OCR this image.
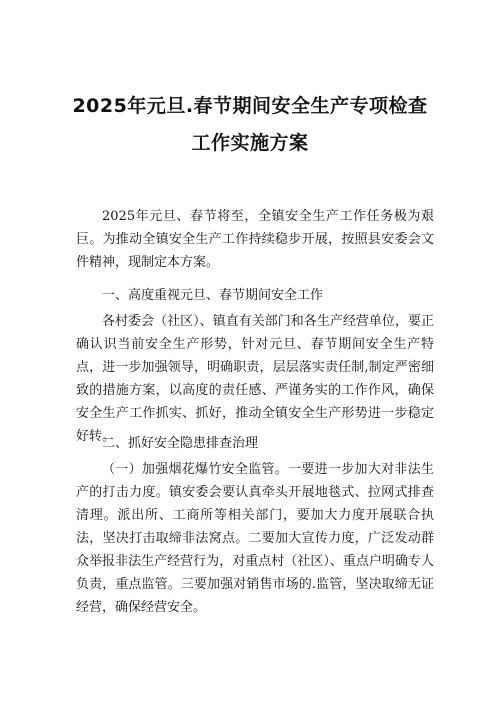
2025年元旦.春节期间安全生产专项检查
工作实施方案

2025年元旦、春节将至，全镇安全生产工作任务极为艰巨。为推动全镇安全生产工作持续稳步开展，按照县安委会文件精神，现制定本方案。

一、高度重视元旦、春节期间安全工作

各村委会（社区）、镇直有关部门和各生产经营单位，要正确认识当前安全生产形势，针对元旦、春节期间安全生产特点，进一步加强领导，明确职责，层层落实责任制,制定严密细致的措施方案，以高度的责任感、严谨务实的工作作风，确保安全生产工作抓实、抓好，推动全镇安全生产形势进一步稳定好转。

二、抓好安全隐患排查治理

（一）加强烟花爆竹安全监管。一要进一步加大对非法生产的打击力度。镇安委会要认真牵头开展地毯式、拉网式排查清理。派出所、工商所等相关部门，要加大力度开展联合执法，坚决打击取缔非法窝点。二要加大宣传力度，广泛发动群众举报非法生产经营行为，对重点村（社区）、重点户明确专人负责，重点监管。三要加强对销售市场的.监管，坚决取缔无证经营，确保经营安全。
